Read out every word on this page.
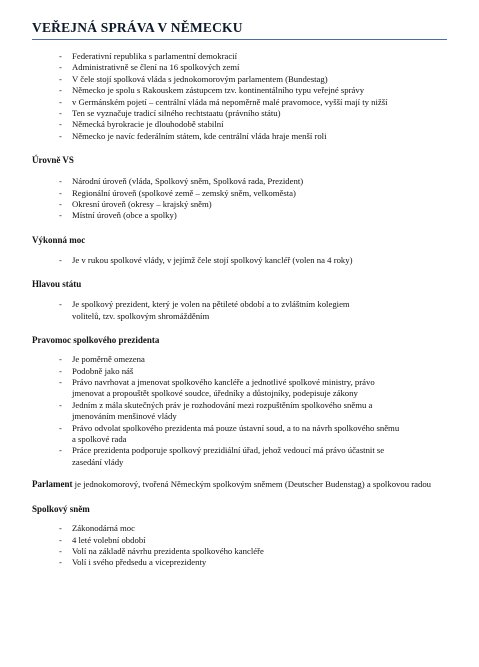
VEŘEJNÁ SPRÁVA V NĚMECKU
- Federativní republika s parlamentní demokracií
- Administrativně se člení na 16 spolkových zemí
- V čele stojí spolková vláda s jednokomorovým parlamentem (Bundestag)
- Německo je spolu s Rakouskem zástupcem tzv. kontinentálního typu veřejné správy
- v Germánském pojetí – centrální vláda má nepoměrně malé pravomoce, vyšší mají ty nižší
- Ten se vyznačuje tradicí silného rechtstaatu (právního státu)
- Německá byrokracie je dlouhodobě stabilní
- Německo je navíc federálním státem, kde centrální vláda hraje menší roli
Úrovně VS
- Národní úroveň (vláda, Spolkový sněm, Spolková rada, Prezident)
- Regionální úroveň (spolkové země – zemský sněm, velkoměsta)
- Okresní úroveň (okresy – krajský sněm)
- Místní úroveň (obce a spolky)
Výkonná moc
- Je v rukou spolkové vlády, v jejímž čele stojí spolkový kancléř (volen na 4 roky)
Hlavou státu
- Je spolkový prezident, který je volen na pětileté období a to zvláštním kolegiem volitelů, tzv. spolkovým shromážděním
Pravomoc spolkového prezidenta
- Je poměrně omezena
- Podobně jako náš
- Právo navrhovat a jmenovat spolkového kancléře a jednotlivé spolkové ministry, právo jmenovat a propouštět spolkové soudce, úředníky a důstojníky, podepisuje zákony
- Jedním z mála skutečných práv je rozhodování mezi rozpuštěním spolkového sněmu a jmenováním menšinové vlády
- Právo odvolat spolkového prezidenta má pouze ústavní soud, a to na návrh spolkového sněmu a spolkové rada
- Práce prezidenta podporuje spolkový prezidiální úřad, jehož vedoucí má právo účastnit se zasedání vlády
Parlament je jednokomorový, tvořená Německým spolkovým sněmem (Deutscher Budenstag) a spolkovou radou
Spolkový sněm
- Zákonodárná moc
- 4 leté volební období
- Volí na základě návrhu prezidenta spolkového kancléře
- Volí i svého předsedu a viceprezidenty
